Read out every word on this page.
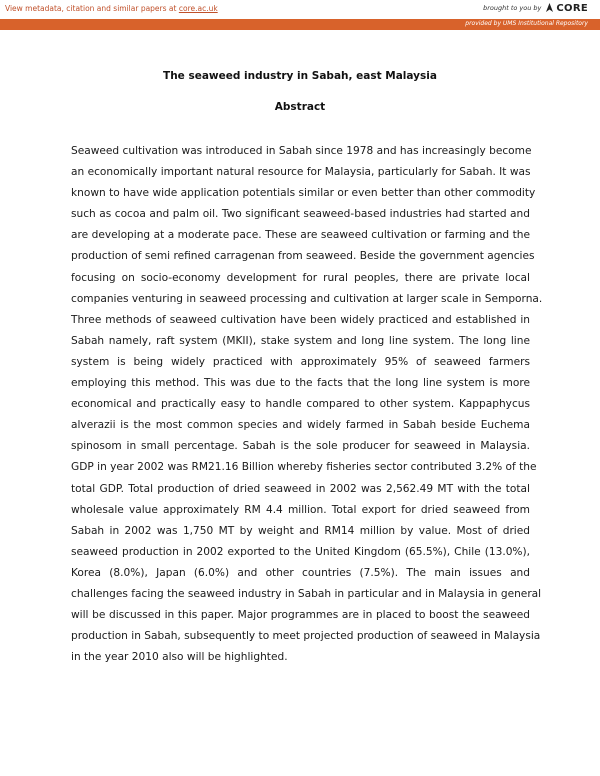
View metadata, citation and similar papers at core.ac.uk	brought to you by CORE
provided by UMS Institutional Repository
The seaweed industry in Sabah, east Malaysia
Abstract
Seaweed cultivation was introduced in Sabah since 1978 and has increasingly become
an economically important natural resource for Malaysia, particularly for Sabah. It was
known to have wide application potentials similar or even better than other commodity
such as cocoa and palm oil. Two significant seaweed-based industries had started and
are developing at a moderate pace. These are seaweed cultivation or farming and the
production of semi refined carragenan from seaweed. Beside the government agencies
focusing on socio-economy development for rural peoples, there are private local
companies venturing in seaweed processing and cultivation at larger scale in Semporna.
Three methods of seaweed cultivation have been widely practiced and established in
Sabah namely, raft system (MKII), stake system and long line system. The long line
system is being widely practiced with approximately 95% of seaweed farmers
employing this method. This was due to the facts that the long line system is more
economical and practically easy to handle compared to other system. Kappaphycus
alverazii is the most common species and widely farmed in Sabah beside Euchema
spinosom in small percentage. Sabah is the sole producer for seaweed in Malaysia.
GDP in year 2002 was RM21.16 Billion whereby fisheries sector contributed 3.2% of the
total GDP. Total production of dried seaweed in 2002 was 2,562.49 MT with the total
wholesale value approximately RM 4.4 million. Total export for dried seaweed from
Sabah in 2002 was 1,750 MT by weight and RM14 million by value. Most of dried
seaweed production in 2002 exported to the United Kingdom (65.5%), Chile (13.0%),
Korea (8.0%), Japan (6.0%) and other countries (7.5%). The main issues and
challenges facing the seaweed industry in Sabah in particular and in Malaysia in general
will be discussed in this paper. Major programmes are in placed to boost the seaweed
production in Sabah, subsequently to meet projected production of seaweed in Malaysia
in the year 2010 also will be highlighted.
